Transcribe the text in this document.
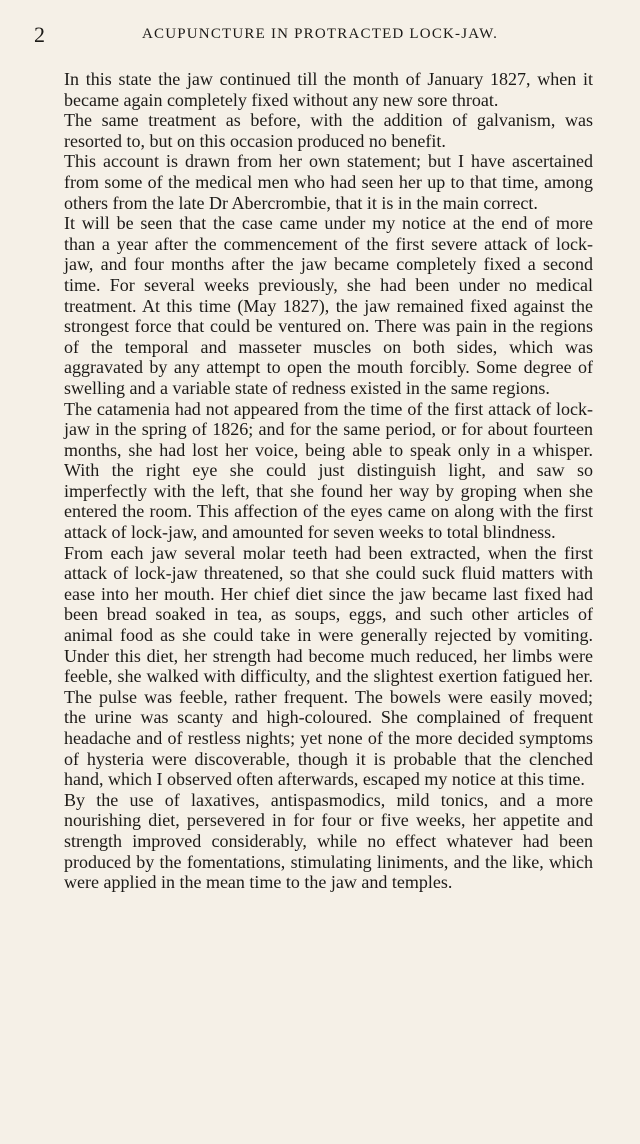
2	ACUPUNCTURE IN PROTRACTED LOCK-JAW.

In this state the jaw continued till the month of January 1827, when it became again completely fixed without any new sore throat.

The same treatment as before, with the addition of galvanism, was resorted to, but on this occasion produced no benefit.

This account is drawn from her own statement; but I have ascertained from some of the medical men who had seen her up to that time, among others from the late Dr Abercrombie, that it is in the main correct.

It will be seen that the case came under my notice at the end of more than a year after the commencement of the first severe attack of lock-jaw, and four months after the jaw became completely fixed a second time. For several weeks previously, she had been under no medical treatment. At this time (May 1827), the jaw remained fixed against the strongest force that could be ventured on. There was pain in the regions of the temporal and masseter muscles on both sides, which was aggravated by any attempt to open the mouth forcibly. Some degree of swelling and a variable state of redness existed in the same regions.

The catamenia had not appeared from the time of the first attack of lock-jaw in the spring of 1826; and for the same period, or for about fourteen months, she had lost her voice, being able to speak only in a whisper. With the right eye she could just distinguish light, and saw so imperfectly with the left, that she found her way by groping when she entered the room. This affection of the eyes came on along with the first attack of lock-jaw, and amounted for seven weeks to total blindness.

From each jaw several molar teeth had been extracted, when the first attack of lock-jaw threatened, so that she could suck fluid matters with ease into her mouth. Her chief diet since the jaw became last fixed had been bread soaked in tea, as soups, eggs, and such other articles of animal food as she could take in were generally rejected by vomiting. Under this diet, her strength had become much reduced, her limbs were feeble, she walked with difficulty, and the slightest exertion fatigued her. The pulse was feeble, rather frequent. The bowels were easily moved; the urine was scanty and high-coloured. She complained of frequent headache and of restless nights; yet none of the more decided symptoms of hysteria were discoverable, though it is probable that the clenched hand, which I observed often afterwards, escaped my notice at this time.

By the use of laxatives, antispasmodics, mild tonics, and a more nourishing diet, persevered in for four or five weeks, her appetite and strength improved considerably, while no effect whatever had been produced by the fomentations, stimulating liniments, and the like, which were applied in the mean time to the jaw and temples.
